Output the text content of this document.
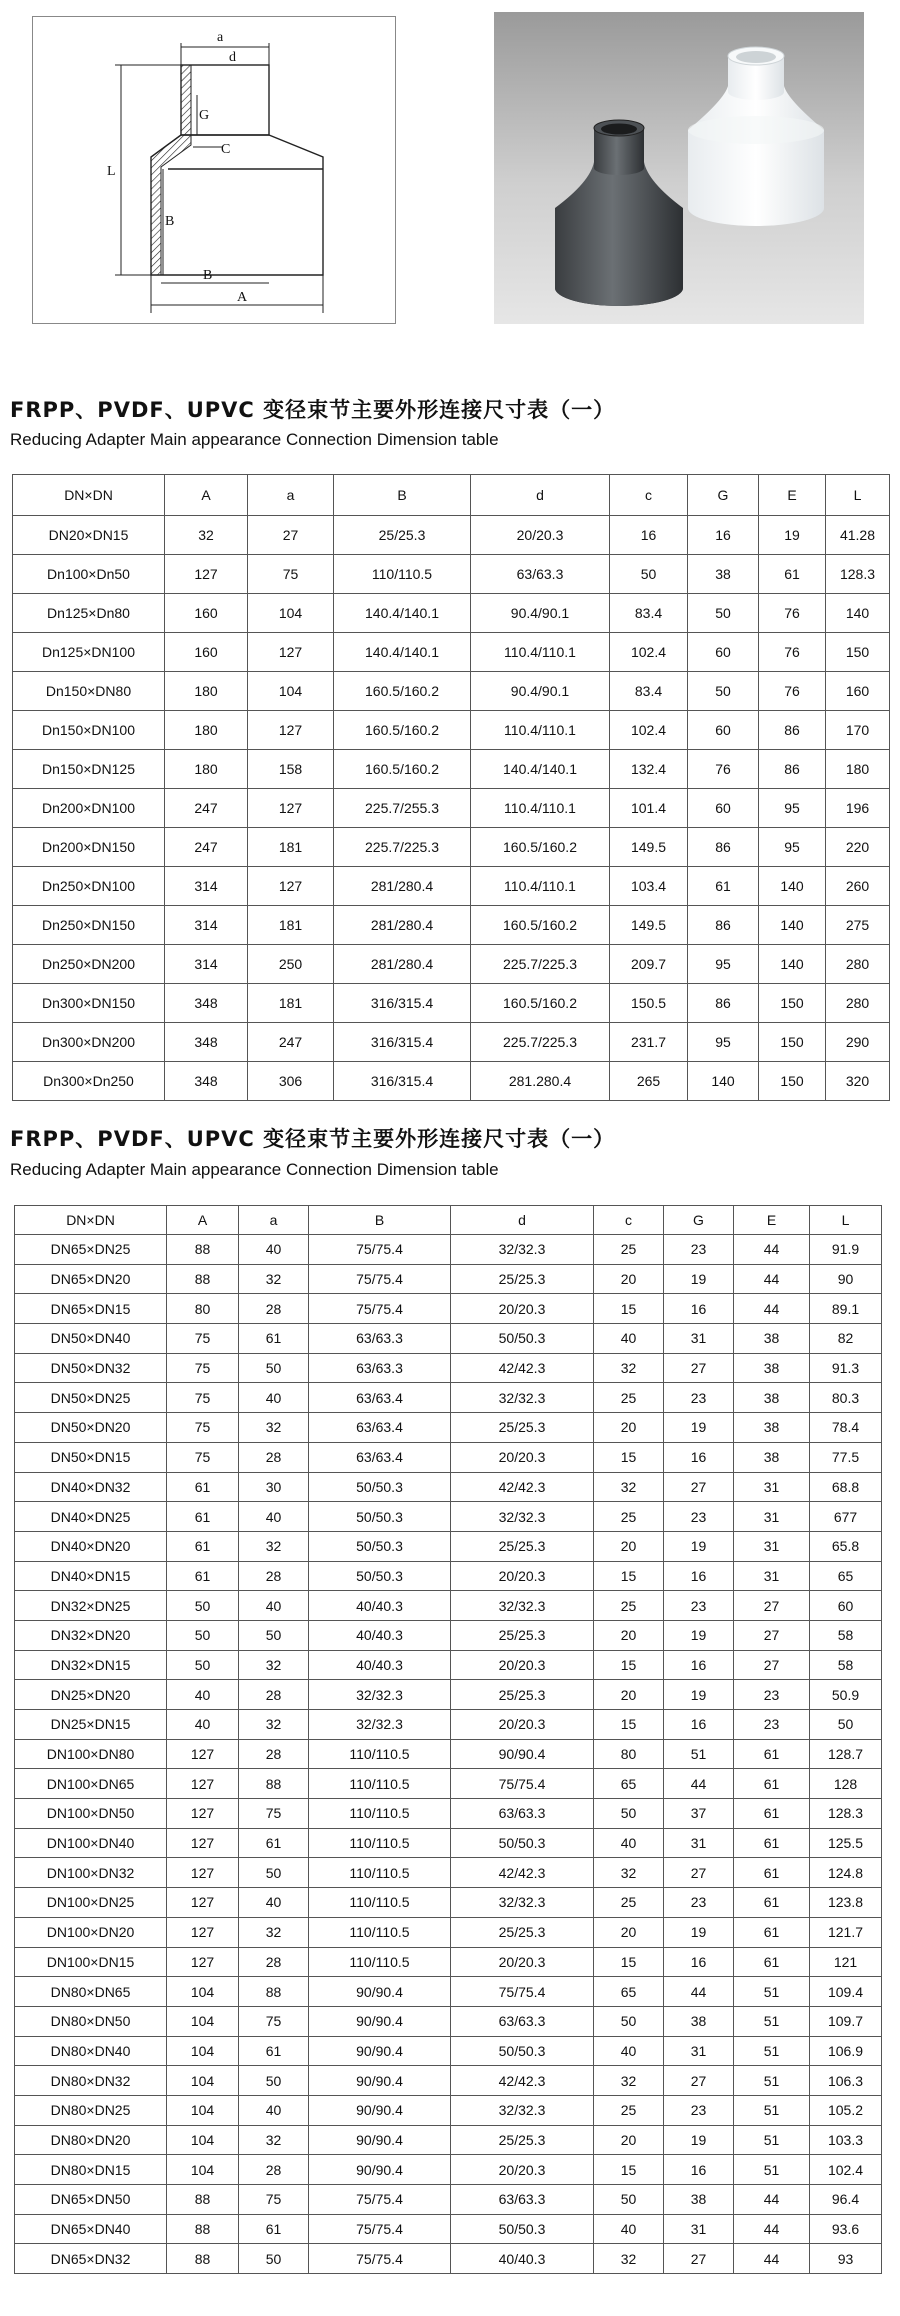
a
d
G
C
L
B
B
A
FRPP、PVDF、UPVC 变径束节主要外形连接尺寸表（一）
Reducing Adapter Main appearance Connection Dimension table
DN×DN	A	a	B	d	c	G	E	L
DN20×DN15	32	27	25/25.3	20/20.3	16	16	19	41.28
Dn100×Dn50	127	75	110/110.5	63/63.3	50	38	61	128.3
Dn125×Dn80	160	104	140.4/140.1	90.4/90.1	83.4	50	76	140
Dn125×DN100	160	127	140.4/140.1	110.4/110.1	102.4	60	76	150
Dn150×DN80	180	104	160.5/160.2	90.4/90.1	83.4	50	76	160
Dn150×DN100	180	127	160.5/160.2	110.4/110.1	102.4	60	86	170
Dn150×DN125	180	158	160.5/160.2	140.4/140.1	132.4	76	86	180
Dn200×DN100	247	127	225.7/255.3	110.4/110.1	101.4	60	95	196
Dn200×DN150	247	181	225.7/225.3	160.5/160.2	149.5	86	95	220
Dn250×DN100	314	127	281/280.4	110.4/110.1	103.4	61	140	260
Dn250×DN150	314	181	281/280.4	160.5/160.2	149.5	86	140	275
Dn250×DN200	314	250	281/280.4	225.7/225.3	209.7	95	140	280
Dn300×DN150	348	181	316/315.4	160.5/160.2	150.5	86	150	280
Dn300×DN200	348	247	316/315.4	225.7/225.3	231.7	95	150	290
Dn300×Dn250	348	306	316/315.4	281.280.4	265	140	150	320
FRPP、PVDF、UPVC 变径束节主要外形连接尺寸表（一）
Reducing Adapter Main appearance Connection Dimension table
DN×DN	A	a	B	d	c	G	E	L
DN65×DN25	88	40	75/75.4	32/32.3	25	23	44	91.9
DN65×DN20	88	32	75/75.4	25/25.3	20	19	44	90
DN65×DN15	80	28	75/75.4	20/20.3	15	16	44	89.1
DN50×DN40	75	61	63/63.3	50/50.3	40	31	38	82
DN50×DN32	75	50	63/63.3	42/42.3	32	27	38	91.3
DN50×DN25	75	40	63/63.4	32/32.3	25	23	38	80.3
DN50×DN20	75	32	63/63.4	25/25.3	20	19	38	78.4
DN50×DN15	75	28	63/63.4	20/20.3	15	16	38	77.5
DN40×DN32	61	30	50/50.3	42/42.3	32	27	31	68.8
DN40×DN25	61	40	50/50.3	32/32.3	25	23	31	677
DN40×DN20	61	32	50/50.3	25/25.3	20	19	31	65.8
DN40×DN15	61	28	50/50.3	20/20.3	15	16	31	65
DN32×DN25	50	40	40/40.3	32/32.3	25	23	27	60
DN32×DN20	50	50	40/40.3	25/25.3	20	19	27	58
DN32×DN15	50	32	40/40.3	20/20.3	15	16	27	58
DN25×DN20	40	28	32/32.3	25/25.3	20	19	23	50.9
DN25×DN15	40	32	32/32.3	20/20.3	15	16	23	50
DN100×DN80	127	28	110/110.5	90/90.4	80	51	61	128.7
DN100×DN65	127	88	110/110.5	75/75.4	65	44	61	128
DN100×DN50	127	75	110/110.5	63/63.3	50	37	61	128.3
DN100×DN40	127	61	110/110.5	50/50.3	40	31	61	125.5
DN100×DN32	127	50	110/110.5	42/42.3	32	27	61	124.8
DN100×DN25	127	40	110/110.5	32/32.3	25	23	61	123.8
DN100×DN20	127	32	110/110.5	25/25.3	20	19	61	121.7
DN100×DN15	127	28	110/110.5	20/20.3	15	16	61	121
DN80×DN65	104	88	90/90.4	75/75.4	65	44	51	109.4
DN80×DN50	104	75	90/90.4	63/63.3	50	38	51	109.7
DN80×DN40	104	61	90/90.4	50/50.3	40	31	51	106.9
DN80×DN32	104	50	90/90.4	42/42.3	32	27	51	106.3
DN80×DN25	104	40	90/90.4	32/32.3	25	23	51	105.2
DN80×DN20	104	32	90/90.4	25/25.3	20	19	51	103.3
DN80×DN15	104	28	90/90.4	20/20.3	15	16	51	102.4
DN65×DN50	88	75	75/75.4	63/63.3	50	38	44	96.4
DN65×DN40	88	61	75/75.4	50/50.3	40	31	44	93.6
DN65×DN32	88	50	75/75.4	40/40.3	32	27	44	93
